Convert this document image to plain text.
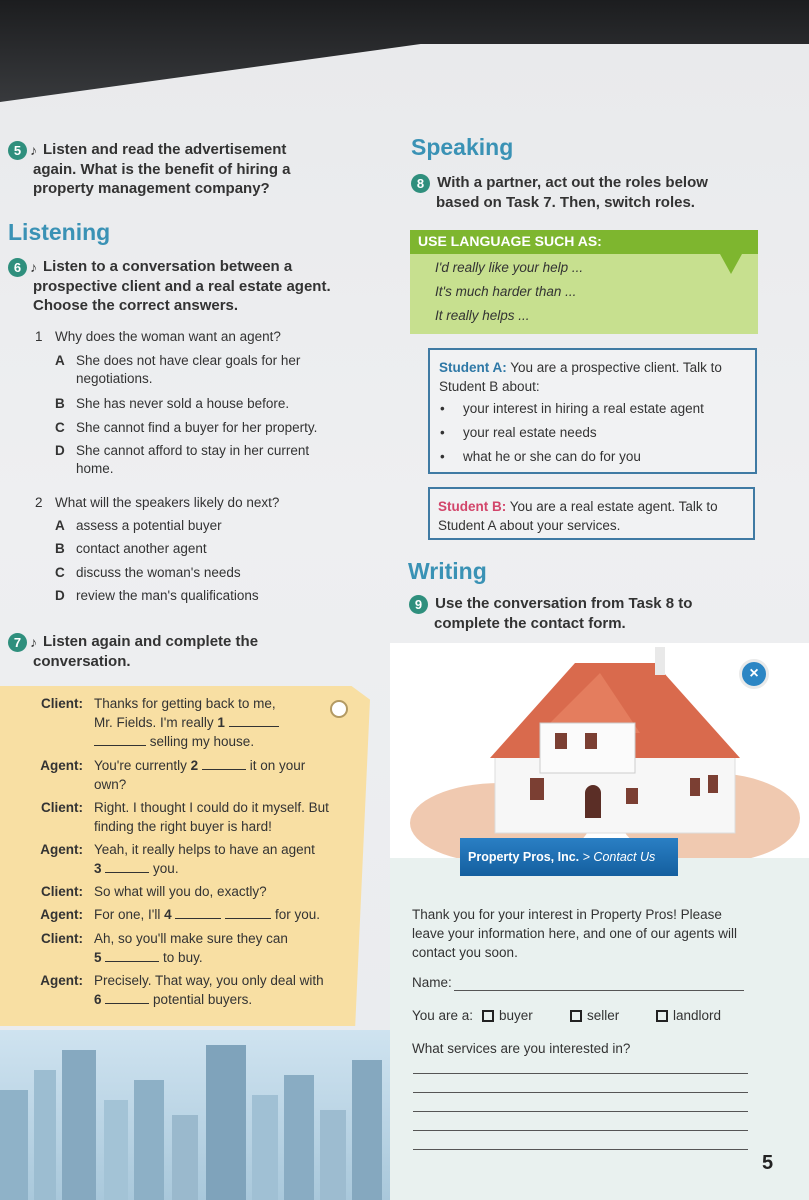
5 ♪ Listen and read the advertisement
again. What is the benefit of hiring a
property management company?
Listening
6 ♪ Listen to a conversation between a
prospective client and a real estate agent.
Choose the correct answers.
1 Why does the woman want an agent?
A She does not have clear goals for her
negotiations.
B She has never sold a house before.
C She cannot find a buyer for her property.
D She cannot afford to stay in her current
home.
2 What will the speakers likely do next?
A assess a potential buyer
B contact another agent
C discuss the woman's needs
D review the man's qualifications
7 ♪ Listen again and complete the
conversation.
Client: Thanks for getting back to me,
Mr. Fields. I'm really 1
selling my house.
Agent: You're currently 2	it on your
own?
Client: Right. I thought I could do it myself. But
finding the right buyer is hard!
Agent: Yeah, it really helps to have an agent
3	you.
Client: So what will you do, exactly?
Agent: For one, I'll 4	for you.
Client: Ah, so you'll make sure they can
5	to buy.
Agent: Precisely. That way, you only deal with
6	potential buyers.
Speaking
8 With a partner, act out the roles below
based on Task 7. Then, switch roles.
USE LANGUAGE SUCH AS:
I'd really like your help ...
It's much harder than ...
It really helps ...
Student A: You are a prospective client. Talk to
Student B about:
• your interest in hiring a real estate agent
• your real estate needs
• what he or she can do for you
Student B: You are a real estate agent. Talk to
Student A about your services.
Writing
9 Use the conversation from Task 8 to
complete the contact form.
×
Property Pros, Inc. > Contact Us
Thank you for your interest in Property Pros! Please
leave your information here, and one of our agents will
contact you soon.
Name:
You are a:	buyer	seller	landlord
What services are you interested in?
5
